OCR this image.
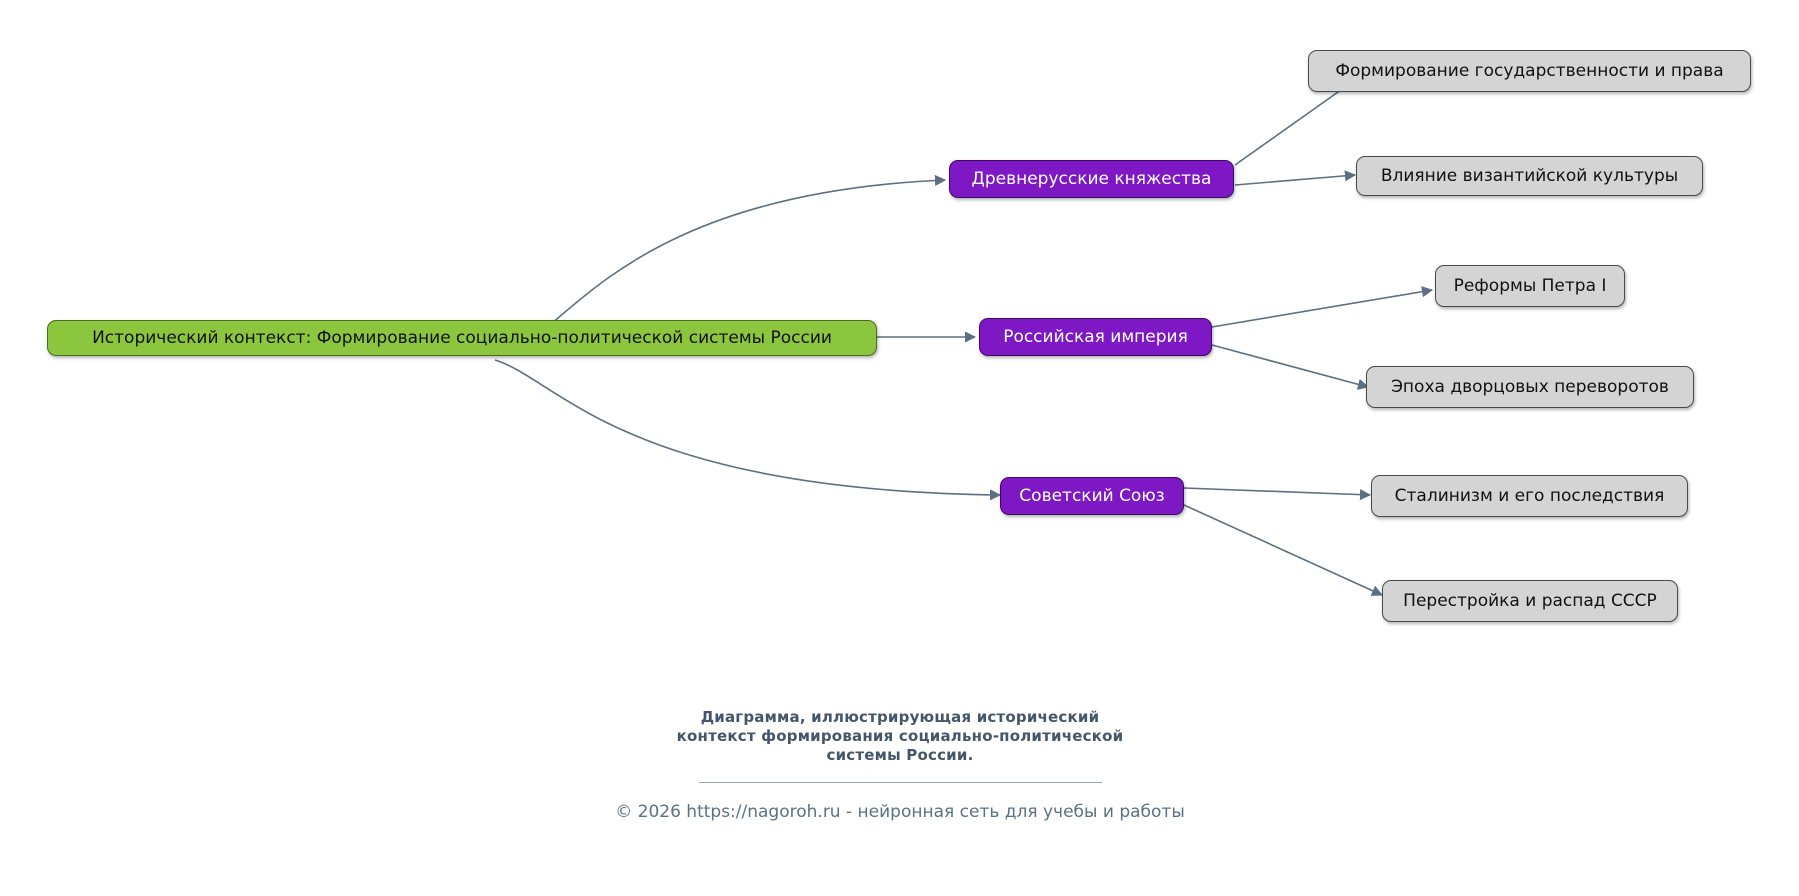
Исторический контекст: Формирование социально-политической системы России
Древнерусские княжества
Российская империя
Советский Союз
Формирование государственности и права
Влияние византийской культуры
Реформы Петра I
Эпоха дворцовых переворотов
Сталинизм и его последствия
Перестройка и распад СССР
Диаграмма, иллюстрирующая исторический
контекст формирования социально-политической
системы России.
© 2026 https://nagoroh.ru - нейронная сеть для учебы и работы
